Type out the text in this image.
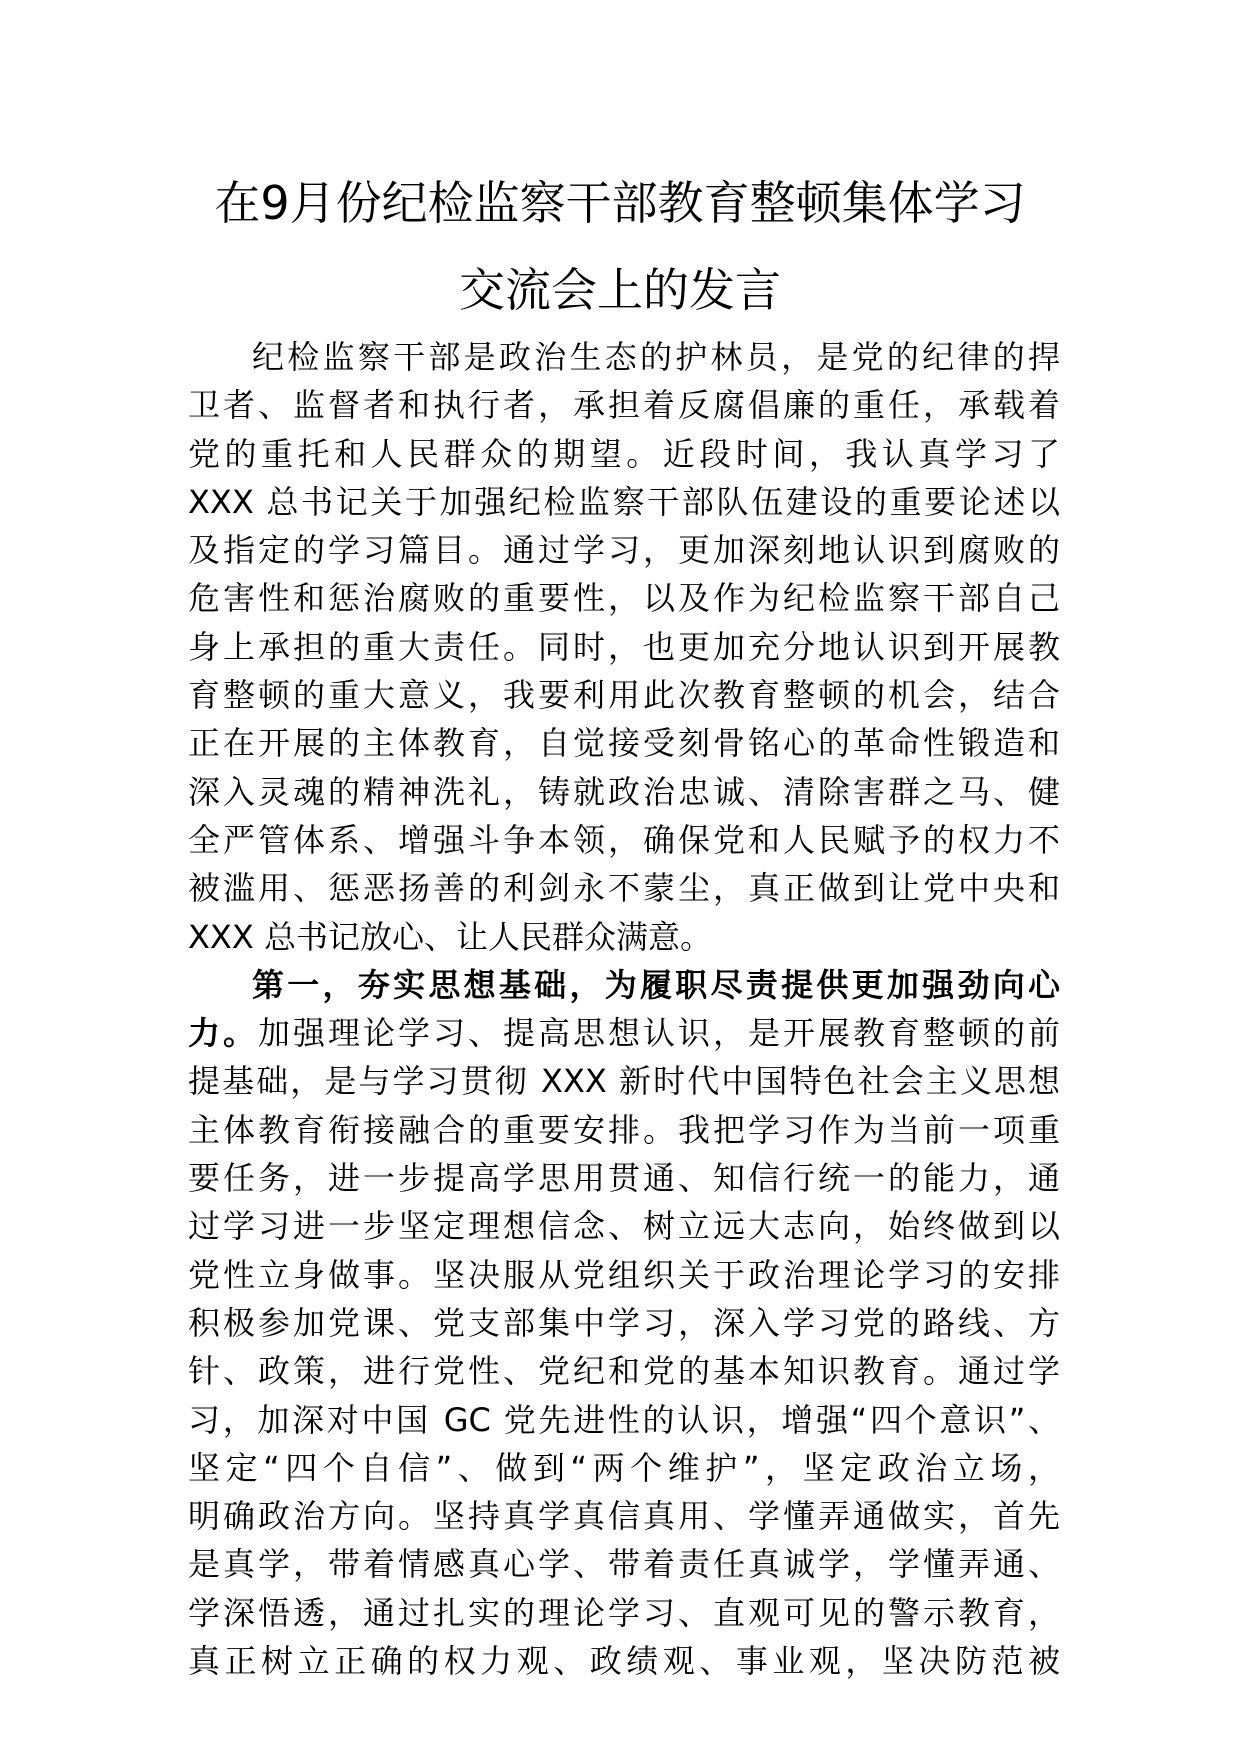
在9月份纪检监察干部教育整顿集体学习
交流会上的发言
纪检监察干部是政治生态的护林员，是党的纪律的捍
卫者、监督者和执行者，承担着反腐倡廉的重任，承载着
党的重托和人民群众的期望。近段时间，我认真学习了
XXX 总书记关于加强纪检监察干部队伍建设的重要论述以
及指定的学习篇目。通过学习，更加深刻地认识到腐败的
危害性和惩治腐败的重要性，以及作为纪检监察干部自己
身上承担的重大责任。同时，也更加充分地认识到开展教
育整顿的重大意义，我要利用此次教育整顿的机会，结合
正在开展的主体教育，自觉接受刻骨铭心的革命性锻造和
深入灵魂的精神洗礼，铸就政治忠诚、清除害群之马、健
全严管体系、增强斗争本领，确保党和人民赋予的权力不
被滥用、惩恶扬善的利剑永不蒙尘，真正做到让党中央和
XXX 总书记放心、让人民群众满意。
第一，夯实思想基础，为履职尽责提供更加强劲向心
力。加强理论学习、提高思想认识，是开展教育整顿的前
提基础，是与学习贯彻 XXX 新时代中国特色社会主义思想
主体教育衔接融合的重要安排。我把学习作为当前一项重
要任务，进一步提高学思用贯通、知信行统一的能力，通
过学习进一步坚定理想信念、树立远大志向，始终做到以
党性立身做事。坚决服从党组织关于政治理论学习的安排
积极参加党课、党支部集中学习，深入学习党的路线、方
针、政策，进行党性、党纪和党的基本知识教育。通过学
习，加深对中国 GC 党先进性的认识，增强“四个意识”、
坚定“四个自信”、做到“两个维护”，坚定政治立场，
明确政治方向。坚持真学真信真用、学懂弄通做实，首先
是真学，带着情感真心学、带着责任真诚学，学懂弄通、
学深悟透，通过扎实的理论学习、直观可见的警示教育，
真正树立正确的权力观、政绩观、事业观，坚决防范被
